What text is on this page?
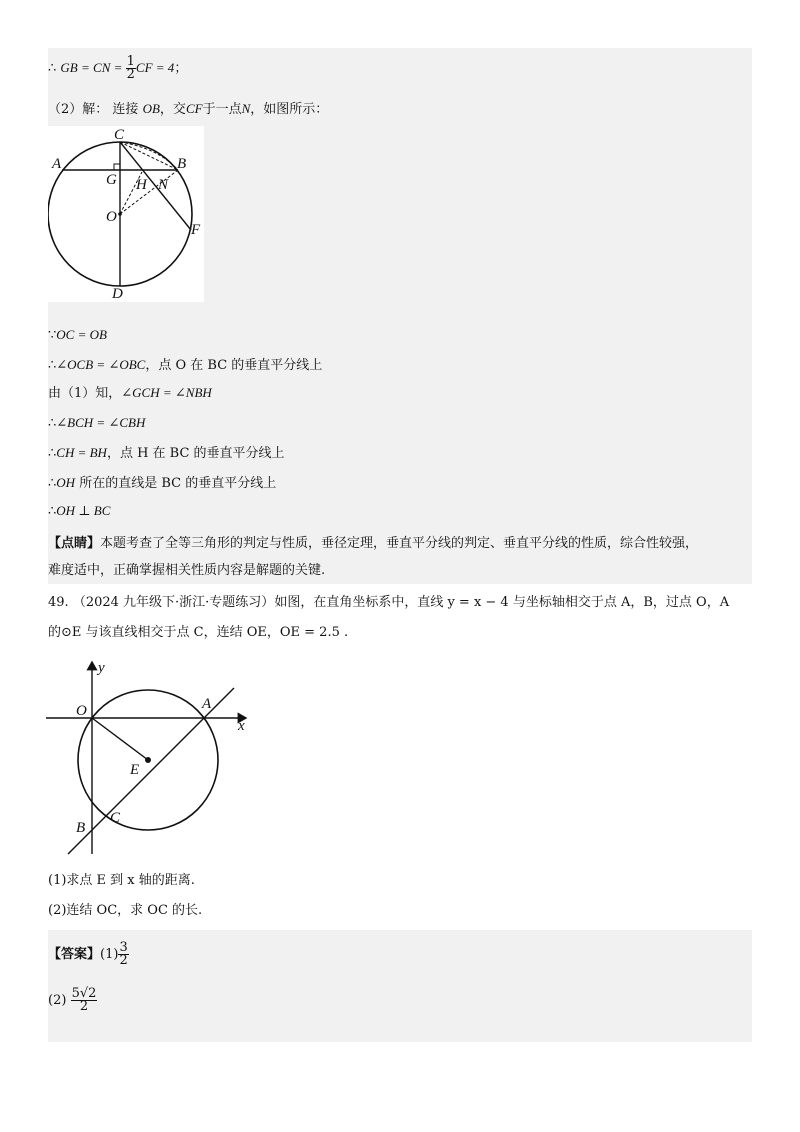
∴ GB = CN = $\frac{1}{2}$ CF = 4；
（2）解： 连接 OB，交CF于一点N，如图所示：
C
A	B
G H N
O
F
D
∵OC = OB
∴∠OCB = ∠OBC，点 O 在 BC 的垂直平分线上
由（1）知，∠GCH = ∠NBH
∴∠BCH = ∠CBH
∴CH = BH，点 H 在 BC 的垂直平分线上
∴OH 所在的直线是 BC 的垂直平分线上
∴OH ⊥ BC
【点睛】本题考查了全等三角形的判定与性质，垂径定理，垂直平分线的判定、垂直平分线的性质，综合性较强，
难度适中，正确掌握相关性质内容是解题的关键.
49. （2024 九年级下·浙江·专题练习）如图，在直角坐标系中，直线 y = x − 4 与坐标轴相交于点 A，B，过点 O，A
的⊙E 与该直线相交于点 C，连结 OE，OE = 2.5 .
y
O	A
x
E
B
C
(1)求点 E 到 x 轴的距离.
(2)连结 OC，求 OC 的长.
【答案】$(1) \frac{3}{2}$
$(2) \frac{5√2}{2}$
